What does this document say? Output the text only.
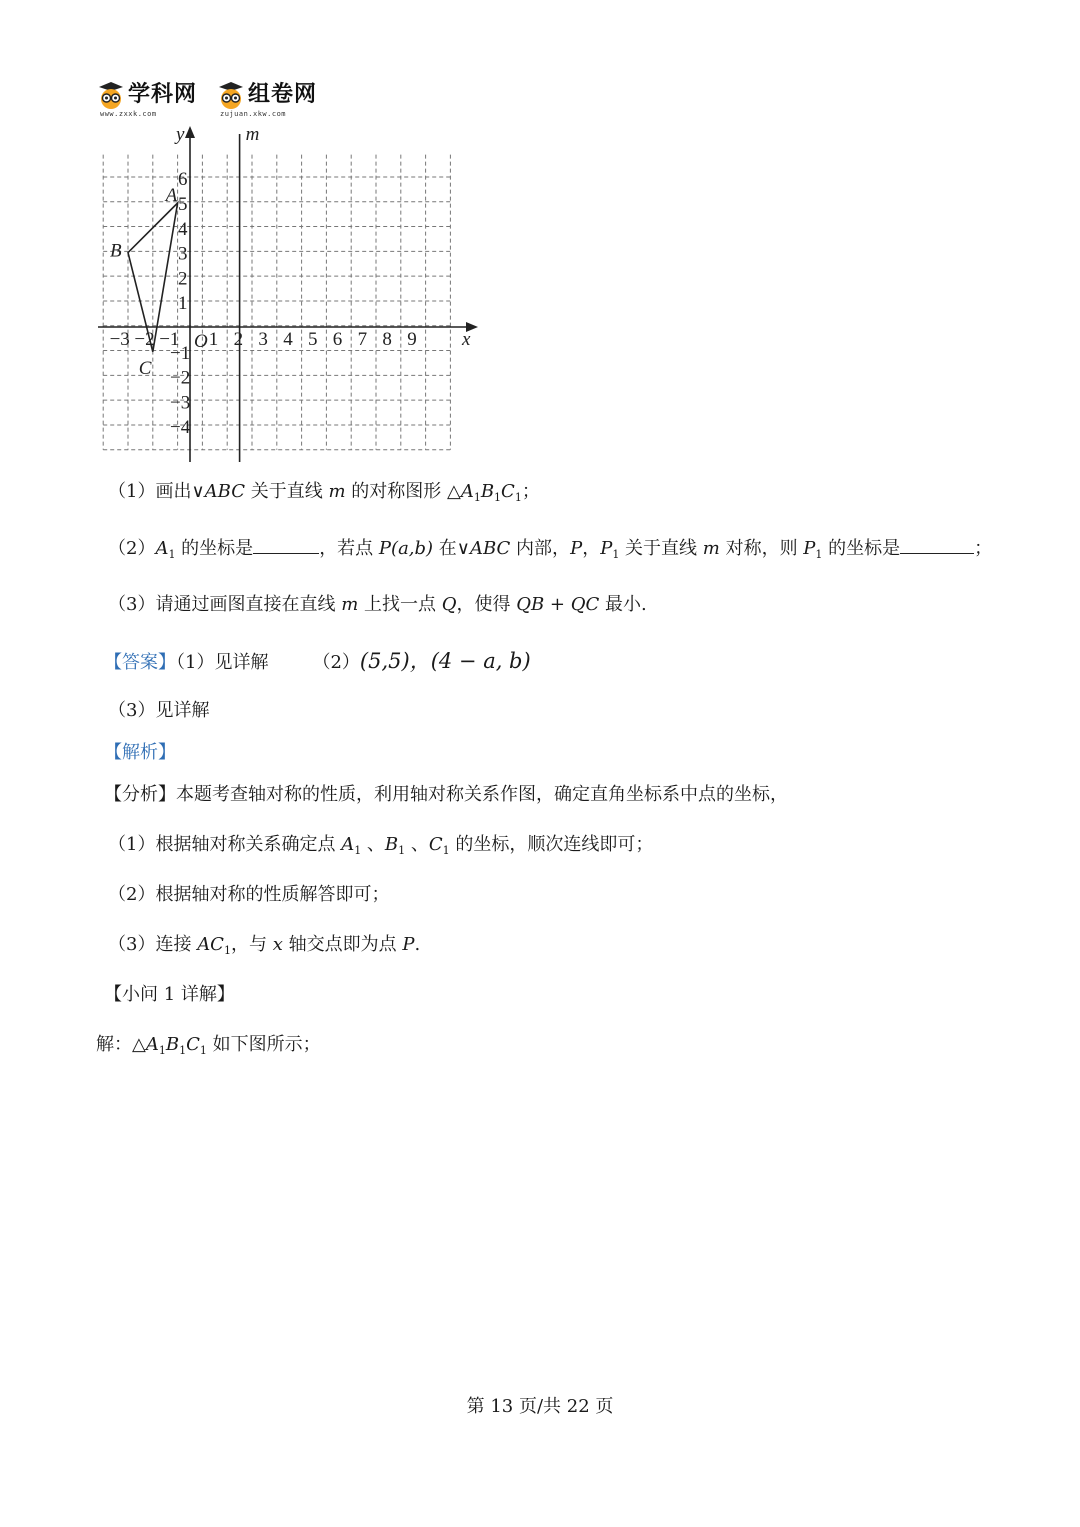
学科网
www.zxxk.com
组卷网
zujuan.xkw.com
y
x
m
O
−3 −2 −1 1 2 3 4 5 6 7 8 9
6
5
4
3
2
1
−1
−2
−3
−4
A
B
C
（1）画出∨ABC 关于直线 m 的对称图形 $\triangle A_1B_1C_1$；
$(2)A_1$ 的坐标是	，若点 P(a,b) 在∨ABC 内部，P，$P_1$ 关于直线 m 对称，则 $P_1$ 的坐标是	；
（3）请通过画图直接在直线 m 上找一点 Q，使得 QB + QC 最小.
【答案】（1）见详解 （2）(5,5)，(4 − a, b)
（3）见详解
【解析】
【分析】本题考查轴对称的性质，利用轴对称关系作图，确定直角坐标系中点的坐标，
（1）根据轴对称关系确定点 $A_1$ 、$B_1$ 、$C_1$ 的坐标，顺次连线即可；
（2）根据轴对称的性质解答即可；
（3）连接 $AC_1$，与 x 轴交点即为点 P.
【小问 1 详解】
解：$\triangle A_1B_1C_1$ 如下图所示；
第 13 页/共 22 页
